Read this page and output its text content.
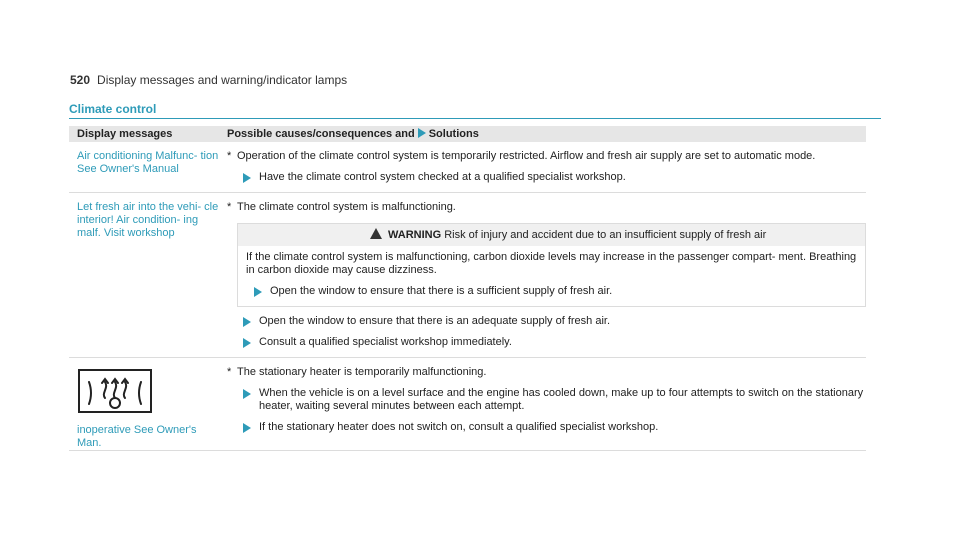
520 Display messages and warning/indicator lamps
Climate control
Display messages	Possible causes/consequences and Solutions
Air conditioning Malfunc- tion See Owner's Manual
* Operation of the climate control system is temporarily restricted. Airflow and fresh air supply are set to automatic mode.
Have the climate control system checked at a qualified specialist workshop.
Let fresh air into the vehi- cle interior! Air condition- ing malf. Visit workshop
* The climate control system is malfunctioning.
WARNING Risk of injury and accident due to an insufficient supply of fresh air
If the climate control system is malfunctioning, carbon dioxide levels may increase in the passenger compart- ment. Breathing in carbon dioxide may cause dizziness.
Open the window to ensure that there is a sufficient supply of fresh air.
Open the window to ensure that there is an adequate supply of fresh air.
Consult a qualified specialist workshop immediately.
inoperative See Owner's Man.
* The stationary heater is temporarily malfunctioning.
When the vehicle is on a level surface and the engine has cooled down, make up to four attempts to switch on the stationary heater, waiting several minutes between each attempt.
If the stationary heater does not switch on, consult a qualified specialist workshop.
